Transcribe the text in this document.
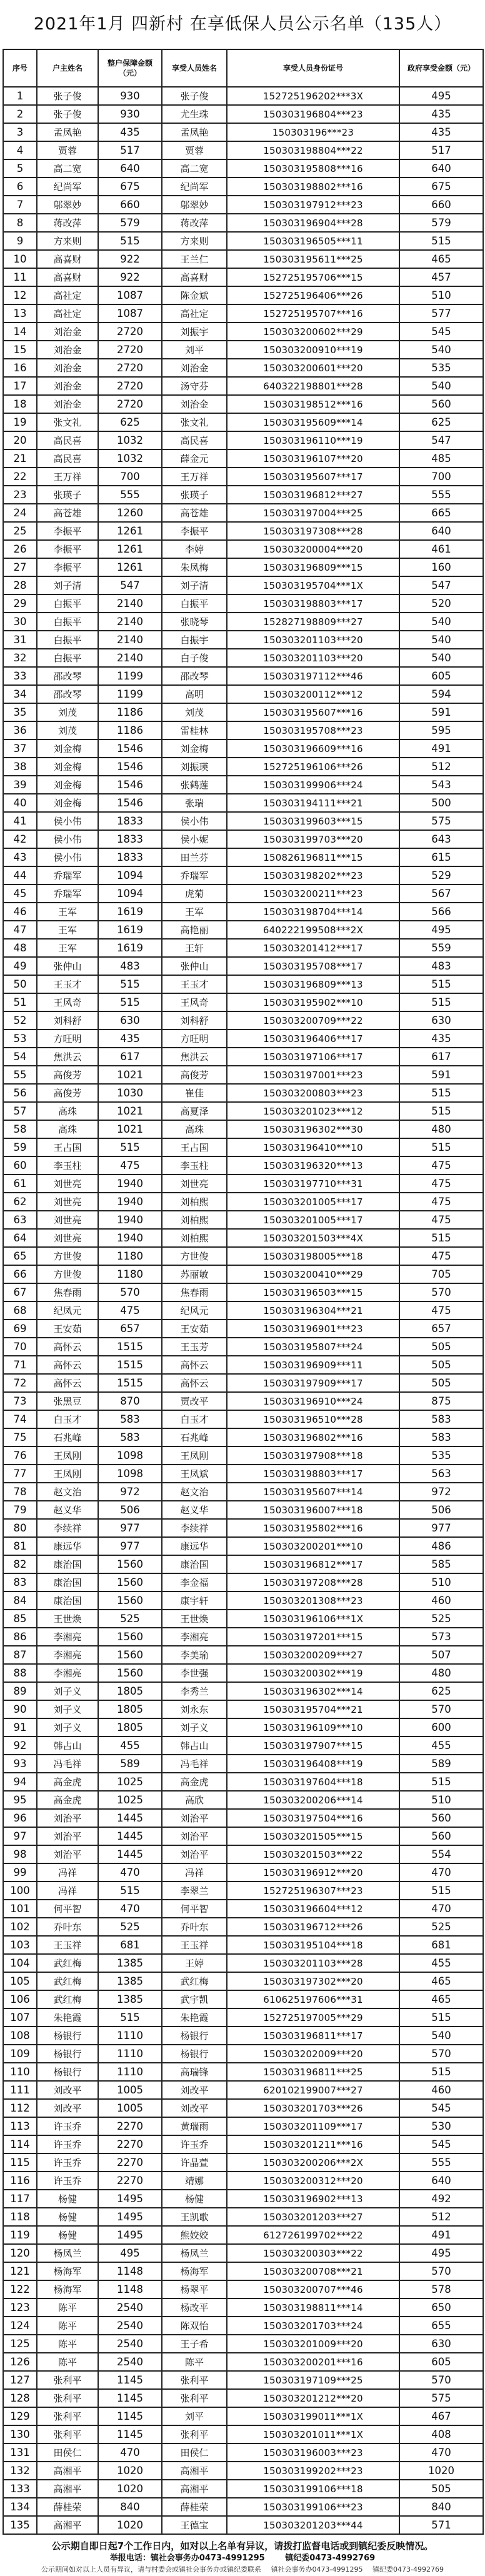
2021年1月 四新村 在享低保人员公示名单（135人）
序号	户主姓名	整户保障金额（元）	享受人员姓名	享受人员身份证号	政府享受金额（元）
1	张子俊	930	张子俊	152725196202***3X	495
2	张子俊	930	尤生珠	150303196804***23	435
3	孟凤艳	435	孟凤艳	150303196***23	435
4	贾蓉	517	贾蓉	150303198804***22	517
5	高二宽	640	高二宽	150303195808***16	640
6	纪尚军	675	纪尚军	150303198802***16	675
7	邬翠妙	660	邬翠妙	150303197912***23	660
8	蒋改萍	579	蒋改萍	150303196904***28	579
9	方来则	515	方来则	150303196505***11	515
10	高喜财	922	王兰仁	150303195611***25	465
11	高喜财	922	高喜财	152725195706***15	457
12	高社定	1087	陈金斌	152725196406***26	510
13	高社定	1087	高社定	152725195707***16	577
14	刘治金	2720	刘振宇	150303200602***29	545
15	刘治金	2720	刘平	150303200910***19	540
16	刘治金	2720	刘治金	150303200601***20	535
17	刘治金	2720	汤守芬	640322198801***28	540
18	刘治金	2720	刘治金	150303198512***16	560
19	张文礼	625	张文礼	150303195609***14	625
20	高民喜	1032	高民喜	150303196110***19	547
21	高民喜	1032	薛金元	150303196107***20	485
22	王万祥	700	王万祥	150303195607***17	700
23	张瑛子	555	张瑛子	150303196812***27	555
24	高苍雄	1260	高苍雄	150303197004***25	665
25	李振平	1261	李振平	150303197308***28	640
26	李振平	1261	李婷	150303200004***20	461
27	李振平	1261	朱凤梅	150303196809***15	160
28	刘子清	547	刘子清	150303195704***1X	547
29	白振平	2140	白振平	150303198803***17	520
30	白振平	2140	张晓琴	152827198809***27	540
31	白振平	2140	白振宇	150303201103***20	540
32	白振平	2140	白子俊	150303201103***20	540
33	邵改琴	1199	邵改琴	150303197112***46	605
34	邵改琴	1199	高明	150303200112***12	594
35	刘茂	1186	刘茂	150303195607***16	591
36	刘茂	1186	雷桂林	150303195708***23	595
37	刘金梅	1546	刘金梅	150303196609***16	491
38	刘金梅	1546	刘振瑛	152725196106***26	512
39	刘金梅	1546	张鹤莲	150303199906***24	543
40	刘金梅	1546	张瑞	150303194111***21	500
41	侯小伟	1833	侯小伟	150303199603***15	575
42	侯小伟	1833	侯小妮	150303199703***20	643
43	侯小伟	1833	田兰芬	150826196811***15	615
44	乔瑞军	1094	乔瑞军	150303198202***23	529
45	乔瑞军	1094	虎菊	150303200211***23	567
46	王军	1619	王军	150303198704***14	566
47	王军	1619	高艳丽	640222199508***2X	495
48	王军	1619	王轩	150303201412***17	559
49	张仲山	483	张仲山	150303195708***17	483
50	王玉才	515	王玉才	150303196809***13	515
51	王风奇	515	王风奇	150303195902***10	515
52	刘科舒	630	刘科舒	150303200709***22	630
53	方旺明	435	方旺明	150303196406***17	435
54	焦洪云	617	焦洪云	150303197106***17	617
55	高俊芳	1021	高俊芳	150303197001***23	591
56	高俊芳	1030	崔佳	150303200803***23	515
57	高珠	1021	高夏泽	150303201023***12	515
58	高珠	1021	高珠	150303196302***30	480
59	王占国	515	王占国	150303196410***10	515
60	李玉柱	475	李玉柱	150303196320***13	475
61	刘世亮	1940	刘世亮	150303197710***31	475
62	刘世亮	1940	刘柏熙	150303201005***17	475
63	刘世亮	1940	刘柏熙	150303201005***17	475
64	刘世亮	1940	刘柏熙	150303201503***4X	515
65	方世俊	1180	方世俊	150303198005***18	475
66	方世俊	1180	苏丽敏	150303200410***29	705
67	焦春雨	570	焦春雨	150303196503***15	570
68	纪凤元	475	纪风元	150303196304***21	475
69	王安茹	657	王安茹	150303196901***23	657
70	高怀云	1515	王玉芳	150303195807***24	505
71	高怀云	1515	高怀云	150303196909***11	505
72	高怀云	1515	高怀云	150303197909***17	505
73	张黑豆	870	贾改平	150303196910***24	875
74	白玉才	583	白玉才	150303196510***28	583
75	石兆峰	583	石兆峰	150303196802***16	583
76	王凤刚	1098	王凤刚	150303197908***18	535
77	王凤刚	1098	王凤斌	150303198803***17	563
78	赵文治	972	赵文治	150303195607***14	972
79	赵义华	506	赵义华	150303196007***18	506
80	李续祥	977	李续祥	150303195802***16	977
81	康远华	977	康远华	150303200201***10	486
82	康治国	1560	康治国	150303196812***17	585
83	康治国	1560	李金福	150303197208***28	510
84	康治国	1560	康宇轩	150303201308***23	460
85	王世焕	525	王世焕	150303196106***1X	525
86	李湘亮	1560	李湘亮	150303197201***15	573
87	李湘亮	1560	李美瑜	150303200209***27	507
88	李湘亮	1560	李世强	150303200302***19	480
89	刘子义	1805	李秀兰	150303196302***14	625
90	刘子义	1805	刘永东	150303195704***21	570
91	刘子义	1805	刘子义	150303196109***10	600
92	韩占山	455	韩占山	150303197907***15	455
93	冯毛祥	589	冯毛祥	150303196408***19	589
94	高金虎	1025	高金虎	150303197604***18	515
95	高金虎	1025	高欣	150303200206***14	510
96	刘治平	1445	刘治平	150303197504***16	560
97	刘治平	1445	刘治平	150303201505***15	560
98	刘治平	1445	刘治平	150303201503***22	554
99	冯祥	470	冯祥	150303196912***20	470
100	冯祥	515	李翠兰	152725196307***23	515
101	何平智	470	何平智	150303196604***12	470
102	乔叶东	525	乔叶东	150303196712***26	525
103	王玉祥	681	王玉祥	150303195104***18	681
104	武红梅	1385	王婷	150303201103***28	455
105	武红梅	1385	武红梅	150303197302***20	465
106	武红梅	1385	武宇凯	610625197606***31	465
107	朱艳霞	515	朱艳霞	152725197005***29	515
108	杨银行	1110	杨银行	150303196811***17	540
109	杨银行	1110	杨银行	150303202009***20	570
110	杨银行	1110	高瑞锋	150303196811***25	515
111	刘改平	1005	刘改平	620102199007***27	460
112	刘改平	1005	刘改平	150303201703***26	545
113	许玉乔	2270	黄瑞雨	150303201109***17	530
114	许玉乔	2270	许玉乔	150303201211***16	545
115	许玉乔	2270	许晶萱	150303200206***2X	555
116	许玉乔	2270	靖娜	150303200312***20	640
117	杨健	1495	杨健	150303196902***13	492
118	杨健	1495	王凯歌	150303201203***27	512
119	杨健	1495	熊姣姣	612726199702***22	491
120	杨凤兰	495	杨凤兰	150303200303***22	495
121	杨海军	1148	杨海军	150303200708***21	570
122	杨海军	1148	杨翠平	150303200707***46	578
123	陈平	2540	杨改平	150303198811***14	650
124	陈平	2540	陈双怡	150303201703***24	655
125	陈平	2540	王子希	150303201009***20	630
126	陈平	2540	陈平	150303200201***16	605
127	张利平	1145	张利平	150303197109***25	570
128	张利平	1145	张利平	150303201212***20	575
129	张利平	1145	刘平	150303199011***1X	467
130	张利平	1145	张利平	150303201011***1X	408
131	田侯仁	470	田侯仁	150303196003***23	470
132	高湘平	1020	高湘平	150303199202***23	1020
133	高湘平	1020	高湘平	150303199106***18	505
134	薛桂荣	840	薛桂荣	150303199106***23	840
135	高湘平	1020	王德宝	150303201203***44	571
公示期自即日起7个工作日内，如对以上名单有异议，请拨打监督电话或到镇纪委反映情况。
举报电话：镇社会事务办0473-4991295	镇纪委0473-4992769
公示期间如对以上人员有异议，请与村委会或镇社会事务办或镇纪委联系 镇社会事务办0473-4991295 镇纪委0473-4992769
